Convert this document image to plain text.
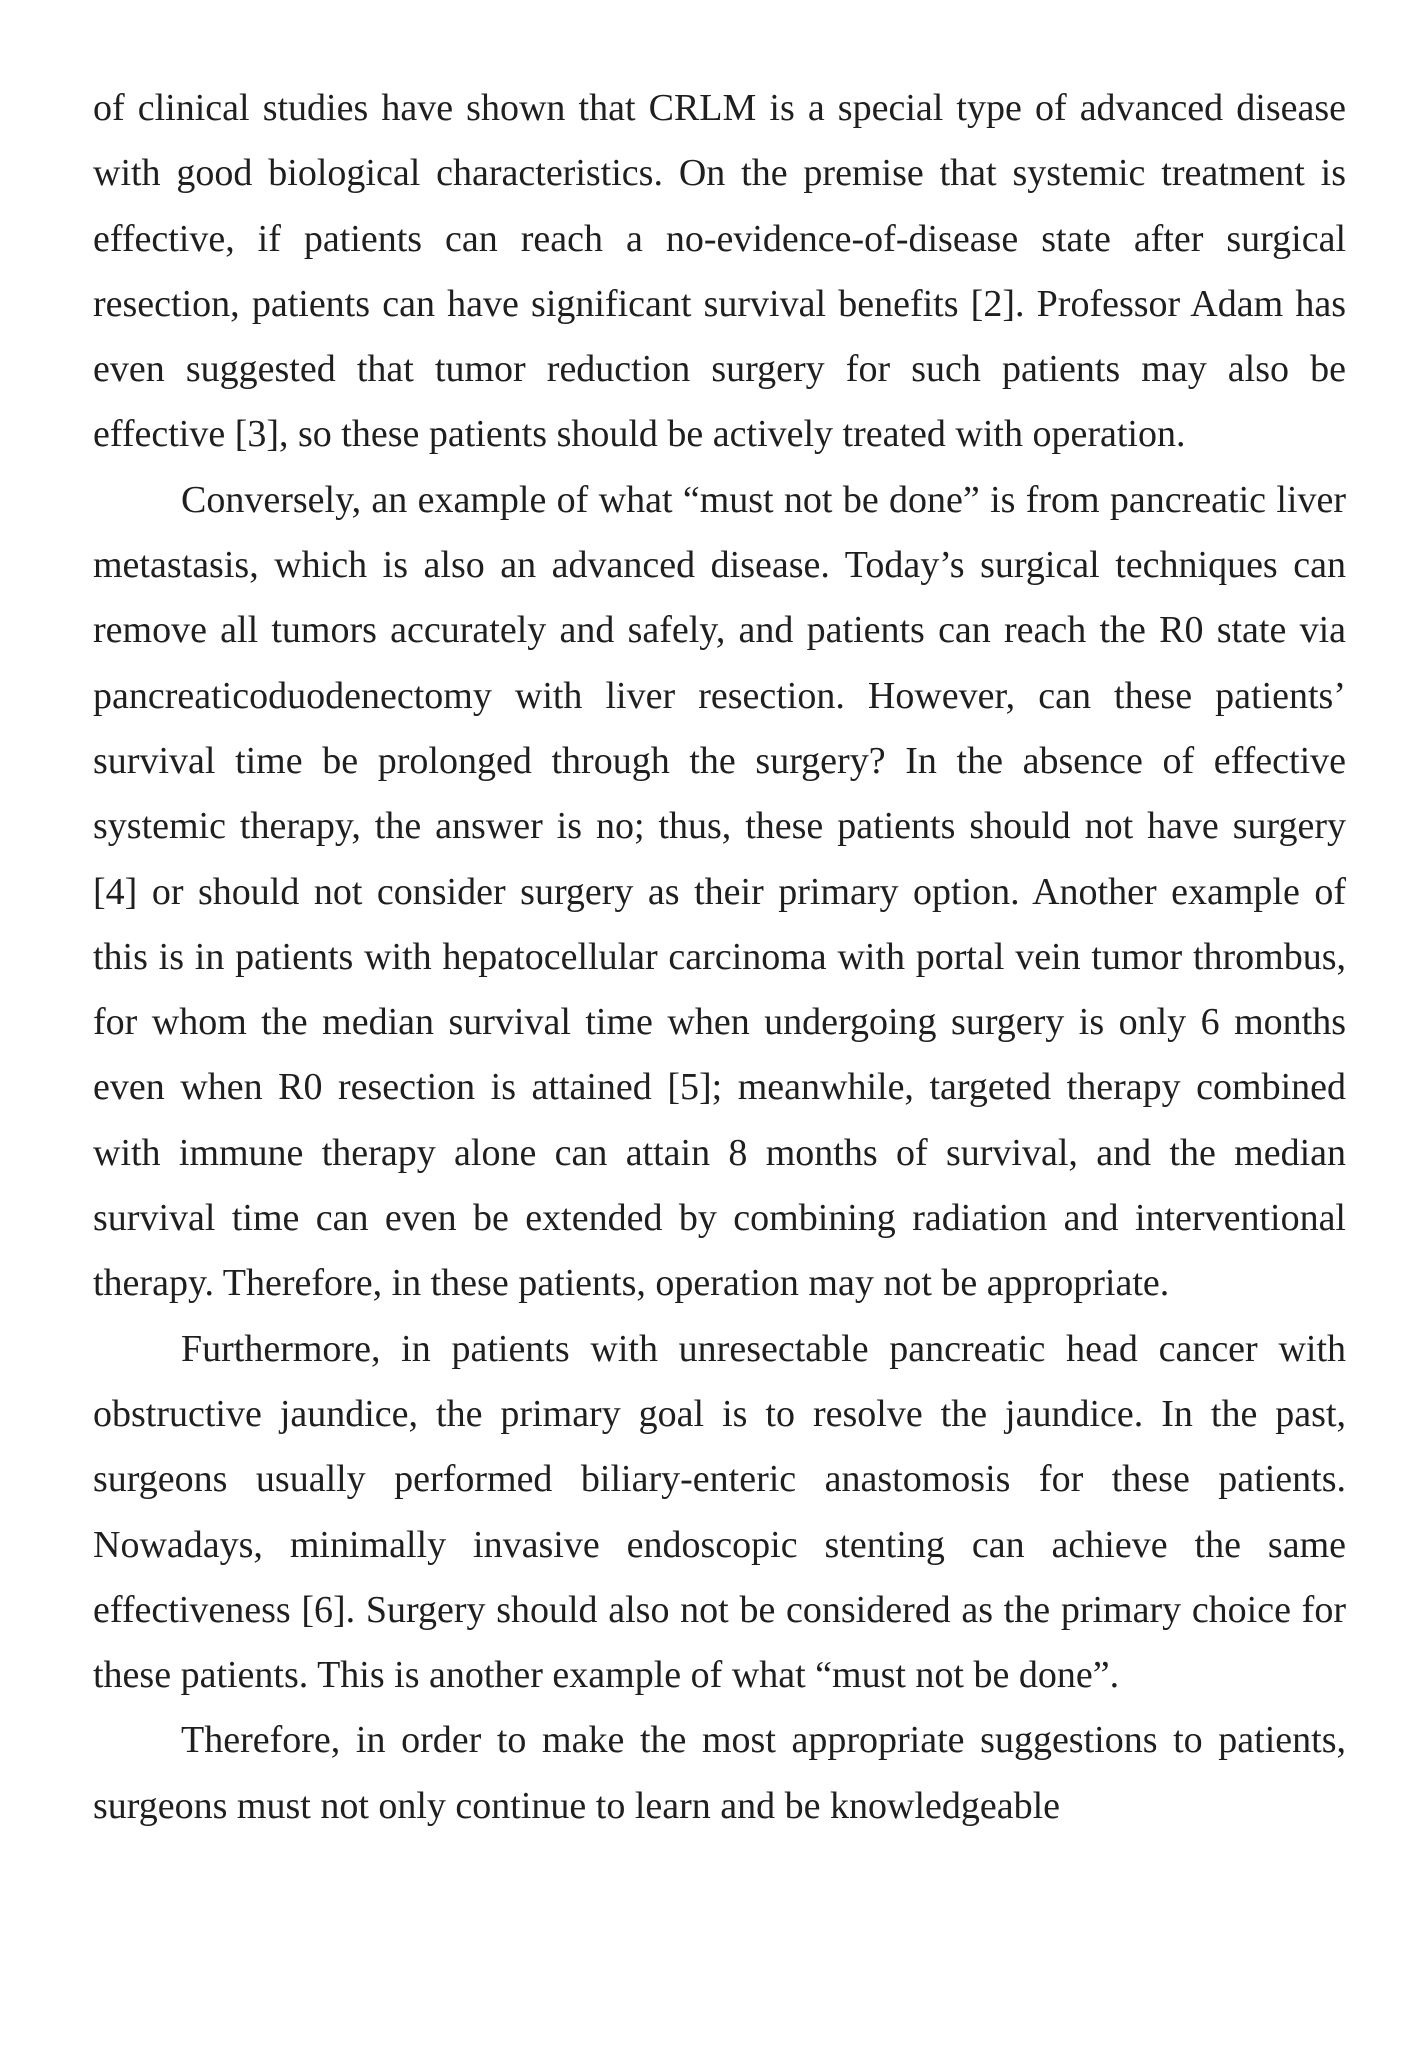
of clinical studies have shown that CRLM is a special type of advanced disease with good biological characteristics. On the premise that systemic treatment is effective, if patients can reach a no-evidence-of-disease state after surgical resection, patients can have significant survival benefits [2]. Professor Adam has even suggested that tumor reduction surgery for such patients may also be effective [3], so these patients should be actively treated with operation.

Conversely, an example of what “must not be done” is from pancreatic liver metastasis, which is also an advanced disease. Today’s surgical techniques can remove all tumors accurately and safely, and patients can reach the R0 state via pancreaticoduodenectomy with liver resection. However, can these patients’ survival time be prolonged through the surgery? In the absence of effective systemic therapy, the answer is no; thus, these patients should not have surgery [4] or should not consider surgery as their primary option. Another example of this is in patients with hepatocellular carcinoma with portal vein tumor thrombus, for whom the median survival time when undergoing surgery is only 6 months even when R0 resection is attained [5]; meanwhile, targeted therapy combined with immune therapy alone can attain 8 months of survival, and the median survival time can even be extended by combining radiation and interventional therapy. Therefore, in these patients, operation may not be appropriate.

Furthermore, in patients with unresectable pancreatic head cancer with obstructive jaundice, the primary goal is to resolve the jaundice. In the past, surgeons usually performed biliary-enteric anastomosis for these patients. Nowadays, minimally invasive endoscopic stenting can achieve the same effectiveness [6]. Surgery should also not be considered as the primary choice for these patients. This is another example of what “must not be done”.

Therefore, in order to make the most appropriate suggestions to patients, surgeons must not only continue to learn and be knowledgeable
